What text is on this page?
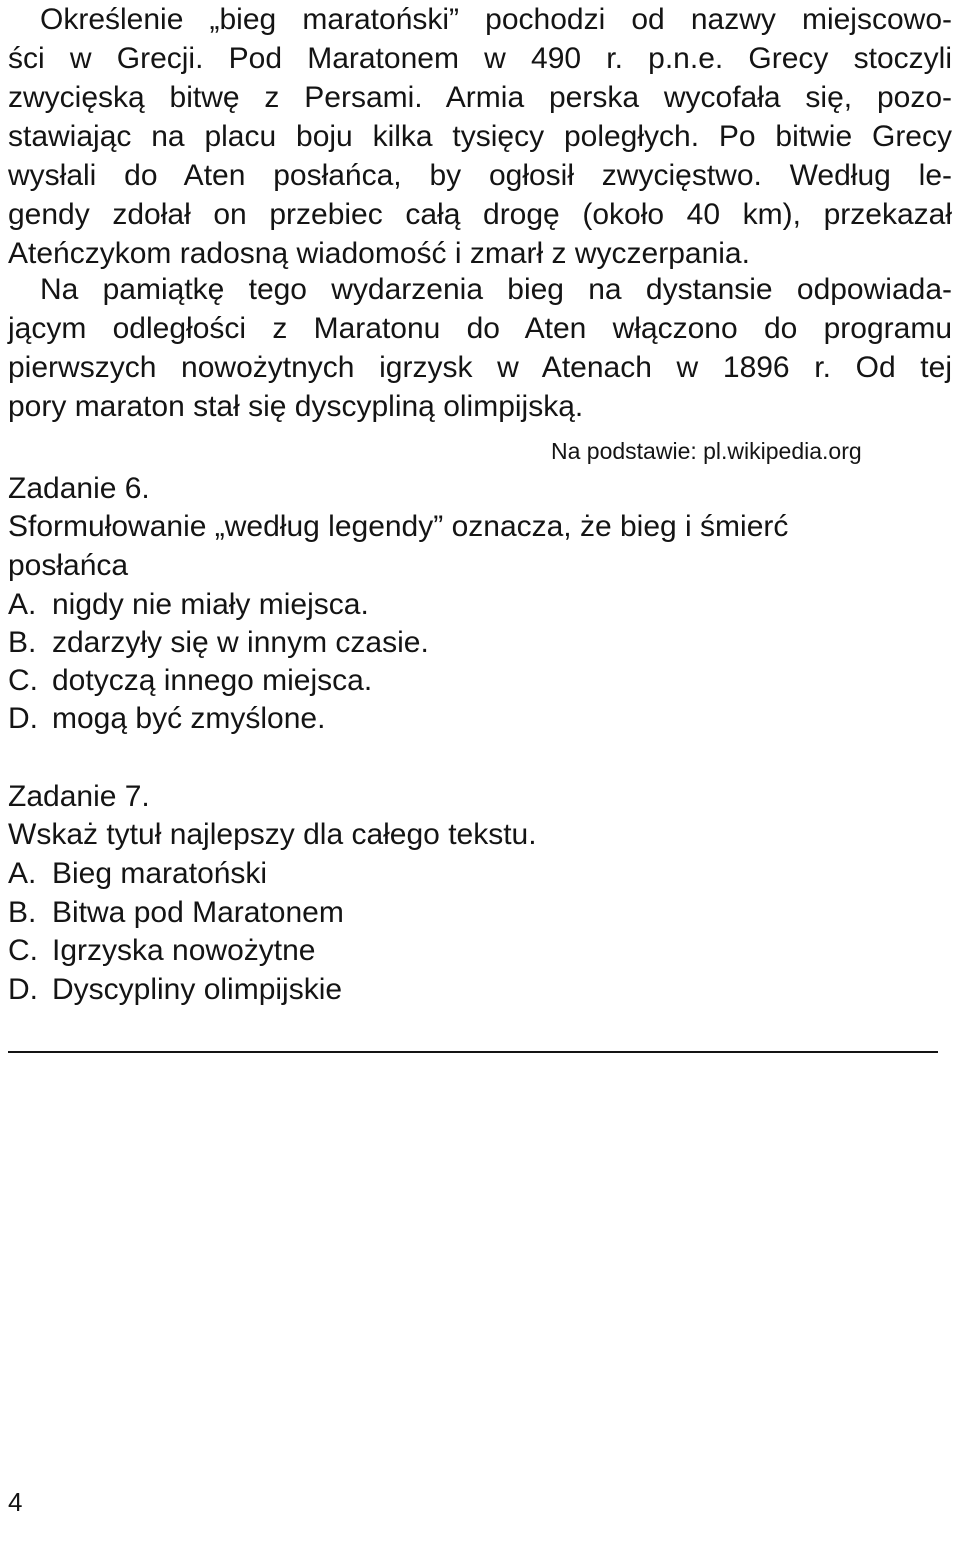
Określenie „bieg maratoński” pochodzi od nazwy miejscowo-

ści w Grecji. Pod Maratonem w 490 r. p.n.e. Grecy stoczyli

zwycięską bitwę z Persami. Armia perska wycofała się, pozo-

stawiając na placu boju kilka tysięcy poległych. Po bitwie Grecy

wysłali do Aten posłańca, by ogłosił zwycięstwo. Według le-

gendy zdołał on przebiec całą drogę (około 40 km), przekazał

Ateńczykom radosną wiadomość i zmarł z wyczerpania.

Na pamiątkę tego wydarzenia bieg na dystansie odpowiada-

jącym odległości z Maratonu do Aten włączono do programu

pierwszych nowożytnych igrzysk w Atenach w 1896 r. Od tej

pory maraton stał się dyscypliną olimpijską.

Na podstawie: pl.wikipedia.org

Zadanie 6.

Sformułowanie „według legendy” oznacza, że bieg i śmierć

posłańca

A. nigdy nie miały miejsca.
B. zdarzyły się w innym czasie.
C. dotyczą innego miejsca.
D. mogą być zmyślone.

Zadanie 7.

Wskaż tytuł najlepszy dla całego tekstu.

A. Bieg maratoński
B. Bitwa pod Maratonem
C. Igrzyska nowożytne
D. Dyscypliny olimpijskie
4
